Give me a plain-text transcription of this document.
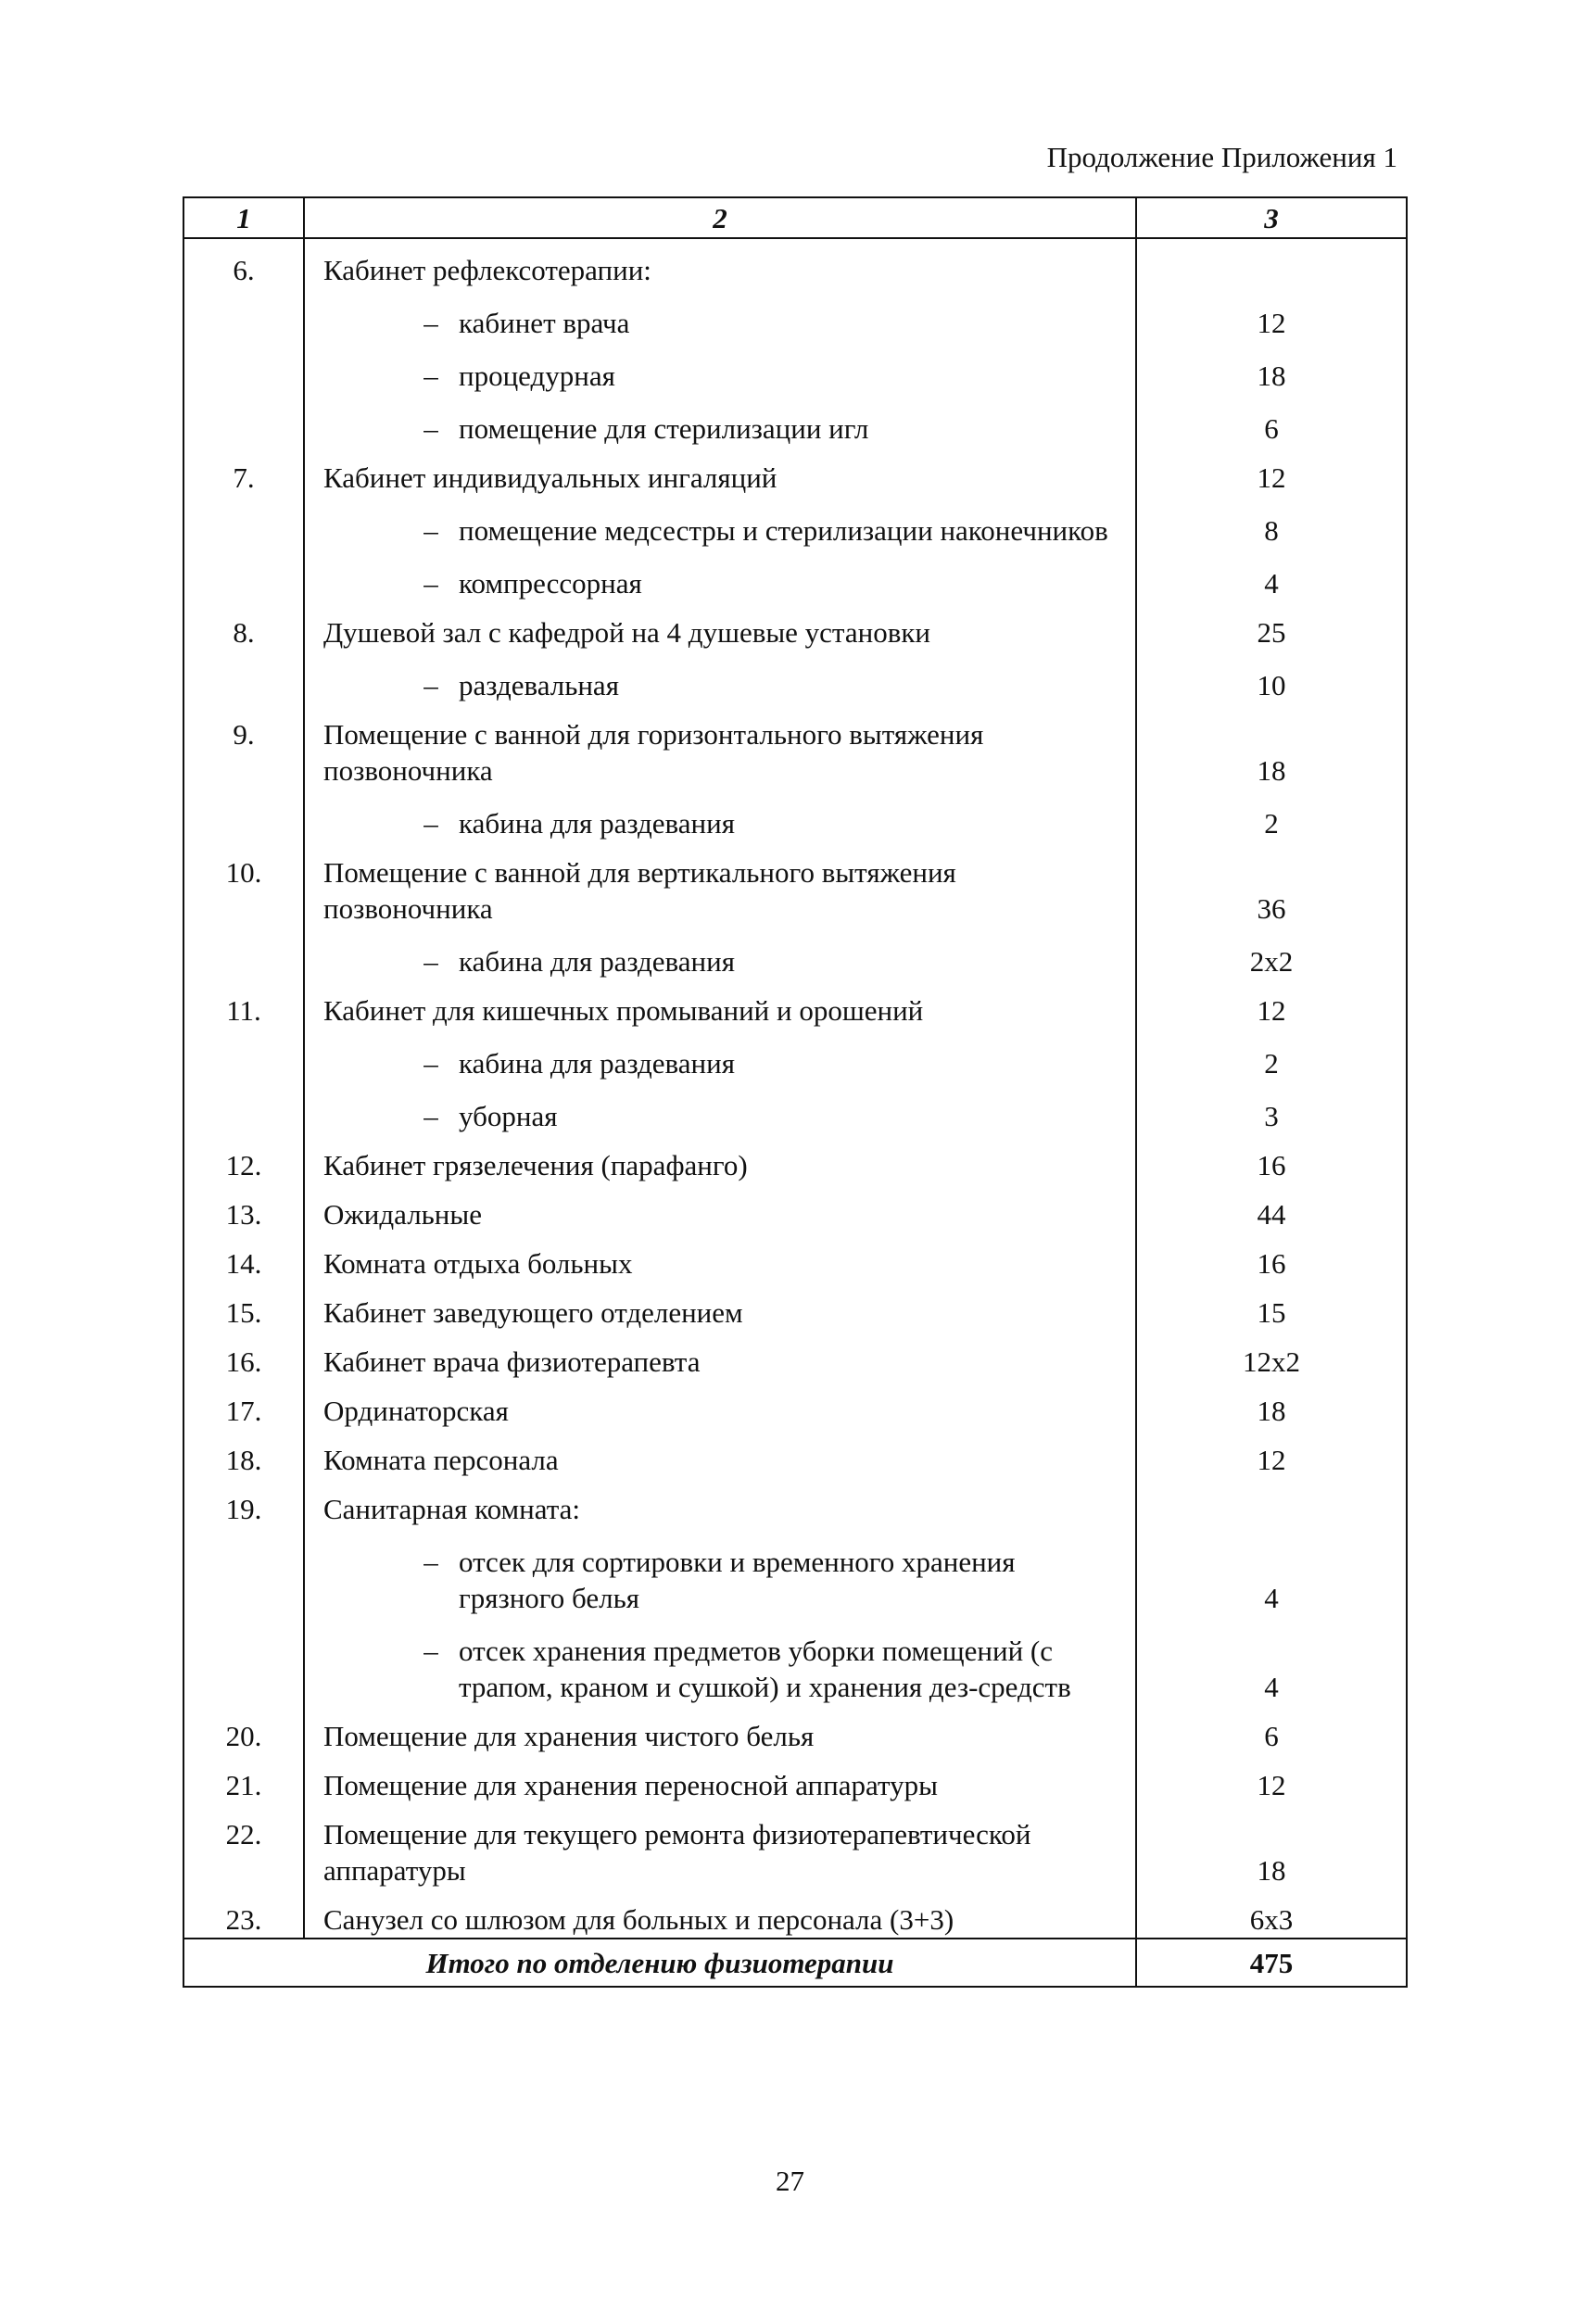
Продолжение Приложения 1
1	2	3
6.	Кабинет рефлексотерапии:	

	– кабинет врача	12

	– процедурная	18

	– помещение для стерилизации игл	6
7.	Кабинет индивидуальных ингаляций	12

	– помещение медсестры и стерилизации наконечников	8

	– компрессорная	4
8.	Душевой зал с кафедрой на 4 душевые установки	25

	– раздевальная	10
9.	Помещение с ванной для горизонтального вытяжения позвоночника	18

	– кабина для раздевания	2
10.	Помещение с ванной для вертикального вытяжения позвоночника	36

	– кабина для раздевания	2x2
11.	Кабинет для кишечных промываний и орошений	12

	– кабина для раздевания	2

	– уборная	3
12.	Кабинет грязелечения (парафанго)	16
13.	Ожидальные	44
14.	Комната отдыха больных	16
15.	Кабинет заведующего отделением	15
16.	Кабинет врача физиотерапевта	12x2
17.	Ординаторская	18
18.	Комната персонала	12
19.	Санитарная комната:	

	– отсек для сортировки и временного хранения грязного белья	4

	– отсек хранения предметов уборки помещений (с трапом, краном и сушкой) и хранения дез-средств	4
20.	Помещение для хранения чистого белья	6
21.	Помещение для хранения переносной аппаратуры	12
22.	Помещение для текущего ремонта физиотерапевтической аппаратуры	18
23.	Санузел со шлюзом для больных и персонала (3+3)	6x3
Итого по отделению физиотерапии		475
27
